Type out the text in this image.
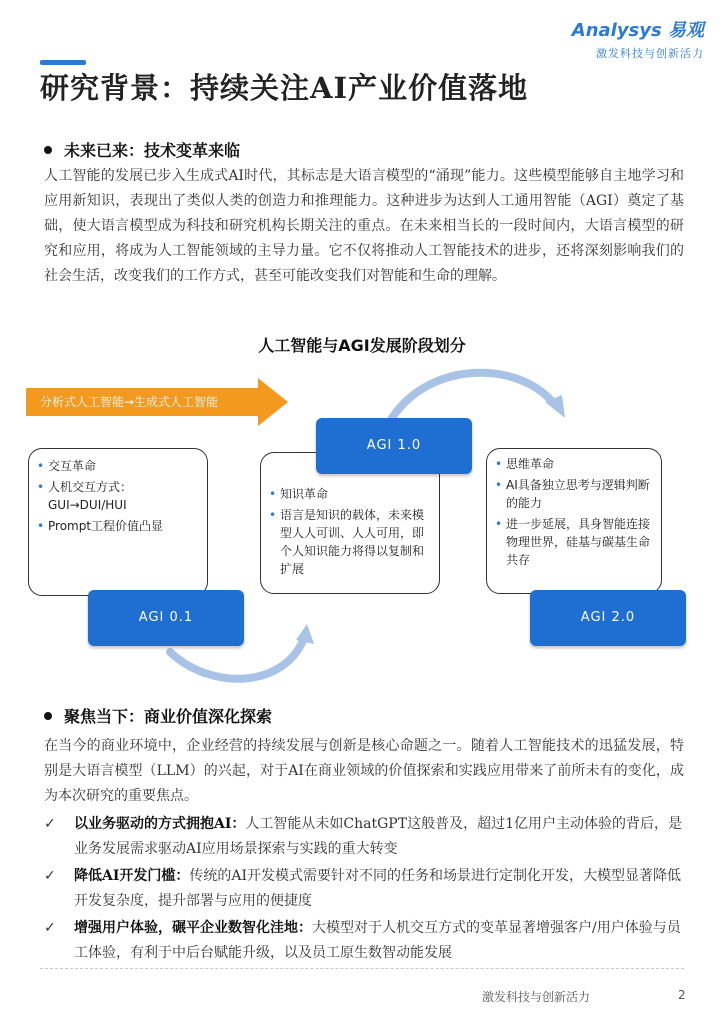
Analysys 易观
激发科技与创新活力
研究背景：持续关注AI产业价值落地
未来已来：技术变革来临
人工智能的发展已步入生成式AI时代，其标志是大语言模型的“涌现”能力。这些模型能够自主地学习和应用新知识，表现出了类似人类的创造力和推理能力。这种进步为达到人工通用智能（AGI）奠定了基础，使大语言模型成为科技和研究机构长期关注的重点。在未来相当长的一段时间内，大语言模型的研究和应用，将成为人工智能领域的主导力量。它不仅将推动人工智能技术的进步，还将深刻影响我们的社会生活，改变我们的工作方式，甚至可能改变我们对智能和生命的理解。
人工智能与AGI发展阶段划分
分析式人工智能→生成式人工智能
• 交互革命
• 人机交互方式：GUI→DUI/HUI
• Prompt工程价值凸显
AGI 0.1
• 知识革命
• 语言是知识的载体，未来模型人人可训、人人可用，即个人知识能力将得以复制和扩展
AGI 1.0
• 思维革命
• AI具备独立思考与逻辑判断的能力
• 进一步延展，具身智能连接物理世界，硅基与碳基生命共存
AGI 2.0
聚焦当下：商业价值深化探索
在当今的商业环境中，企业经营的持续发展与创新是核心命题之一。随着人工智能技术的迅猛发展，特别是大语言模型（LLM）的兴起，对于AI在商业领域的价值探索和实践应用带来了前所未有的变化，成为本次研究的重要焦点。
✓ 以业务驱动的方式拥抱AI：人工智能从未如ChatGPT这般普及，超过1亿用户主动体验的背后，是业务发展需求驱动AI应用场景探索与实践的重大转变
✓ 降低AI开发门槛：传统的AI开发模式需要针对不同的任务和场景进行定制化开发，大模型显著降低开发复杂度，提升部署与应用的便捷度
✓ 增强用户体验，碾平企业数智化洼地：大模型对于人机交互方式的变革显著增强客户/用户体验与员工体验，有利于中后台赋能升级，以及员工原生数智动能发展
激发科技与创新活力	2
